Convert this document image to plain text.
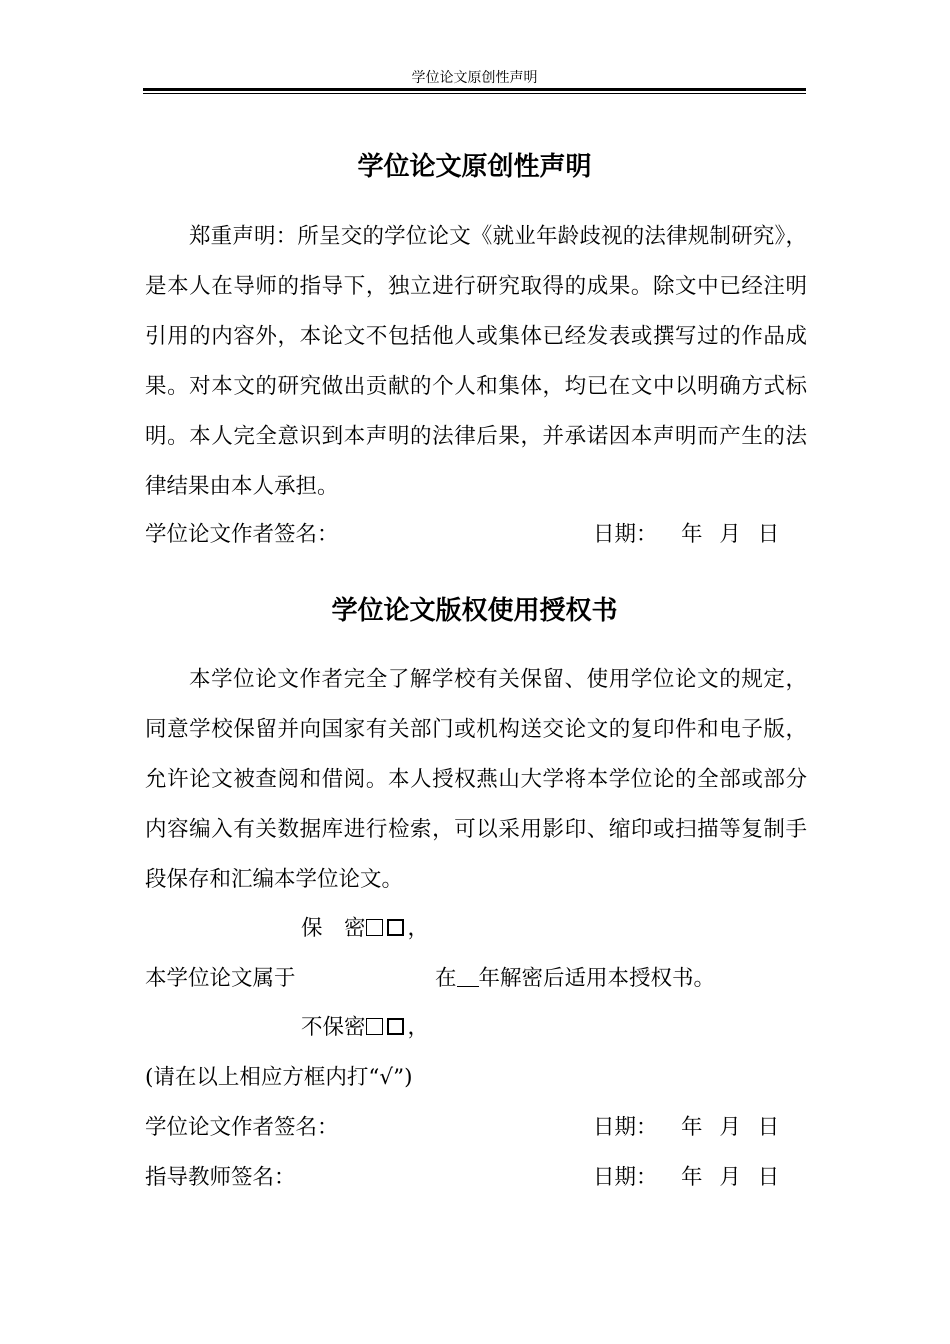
学位论文原创性声明
学位论文原创性声明

郑重声明：所呈交的学位论文《就业年龄歧视的法律规制研究》，是本人在导师的指导下，独立进行研究取得的成果。除文中已经注明引用的内容外，本论文不包括他人或集体已经发表或撰写过的作品成果。对本文的研究做出贡献的个人和集体，均已在文中以明确方式标明。本人完全意识到本声明的法律后果，并承诺因本声明而产生的法律结果由本人承担。

学位论文作者签名：	日期： 年 月 日
学位论文版权使用授权书

本学位论文作者完全了解学校有关保留、使用学位论文的规定，同意学校保留并向国家有关部门或机构送交论文的复印件和电子版，允许论文被查阅和借阅。本人授权燕山大学将本学位论的全部或部分内容编入有关数据库进行检索，可以采用影印、缩印或扫描等复制手段保存和汇编本学位论文。

保　密 ，
本学位论文属于	在 年解密后适用本授权书。
不保密 ，
(请在以上相应方框内打“√”)
学位论文作者签名：	日期： 年 月 日
指导教师签名：	日期： 年 月 日
